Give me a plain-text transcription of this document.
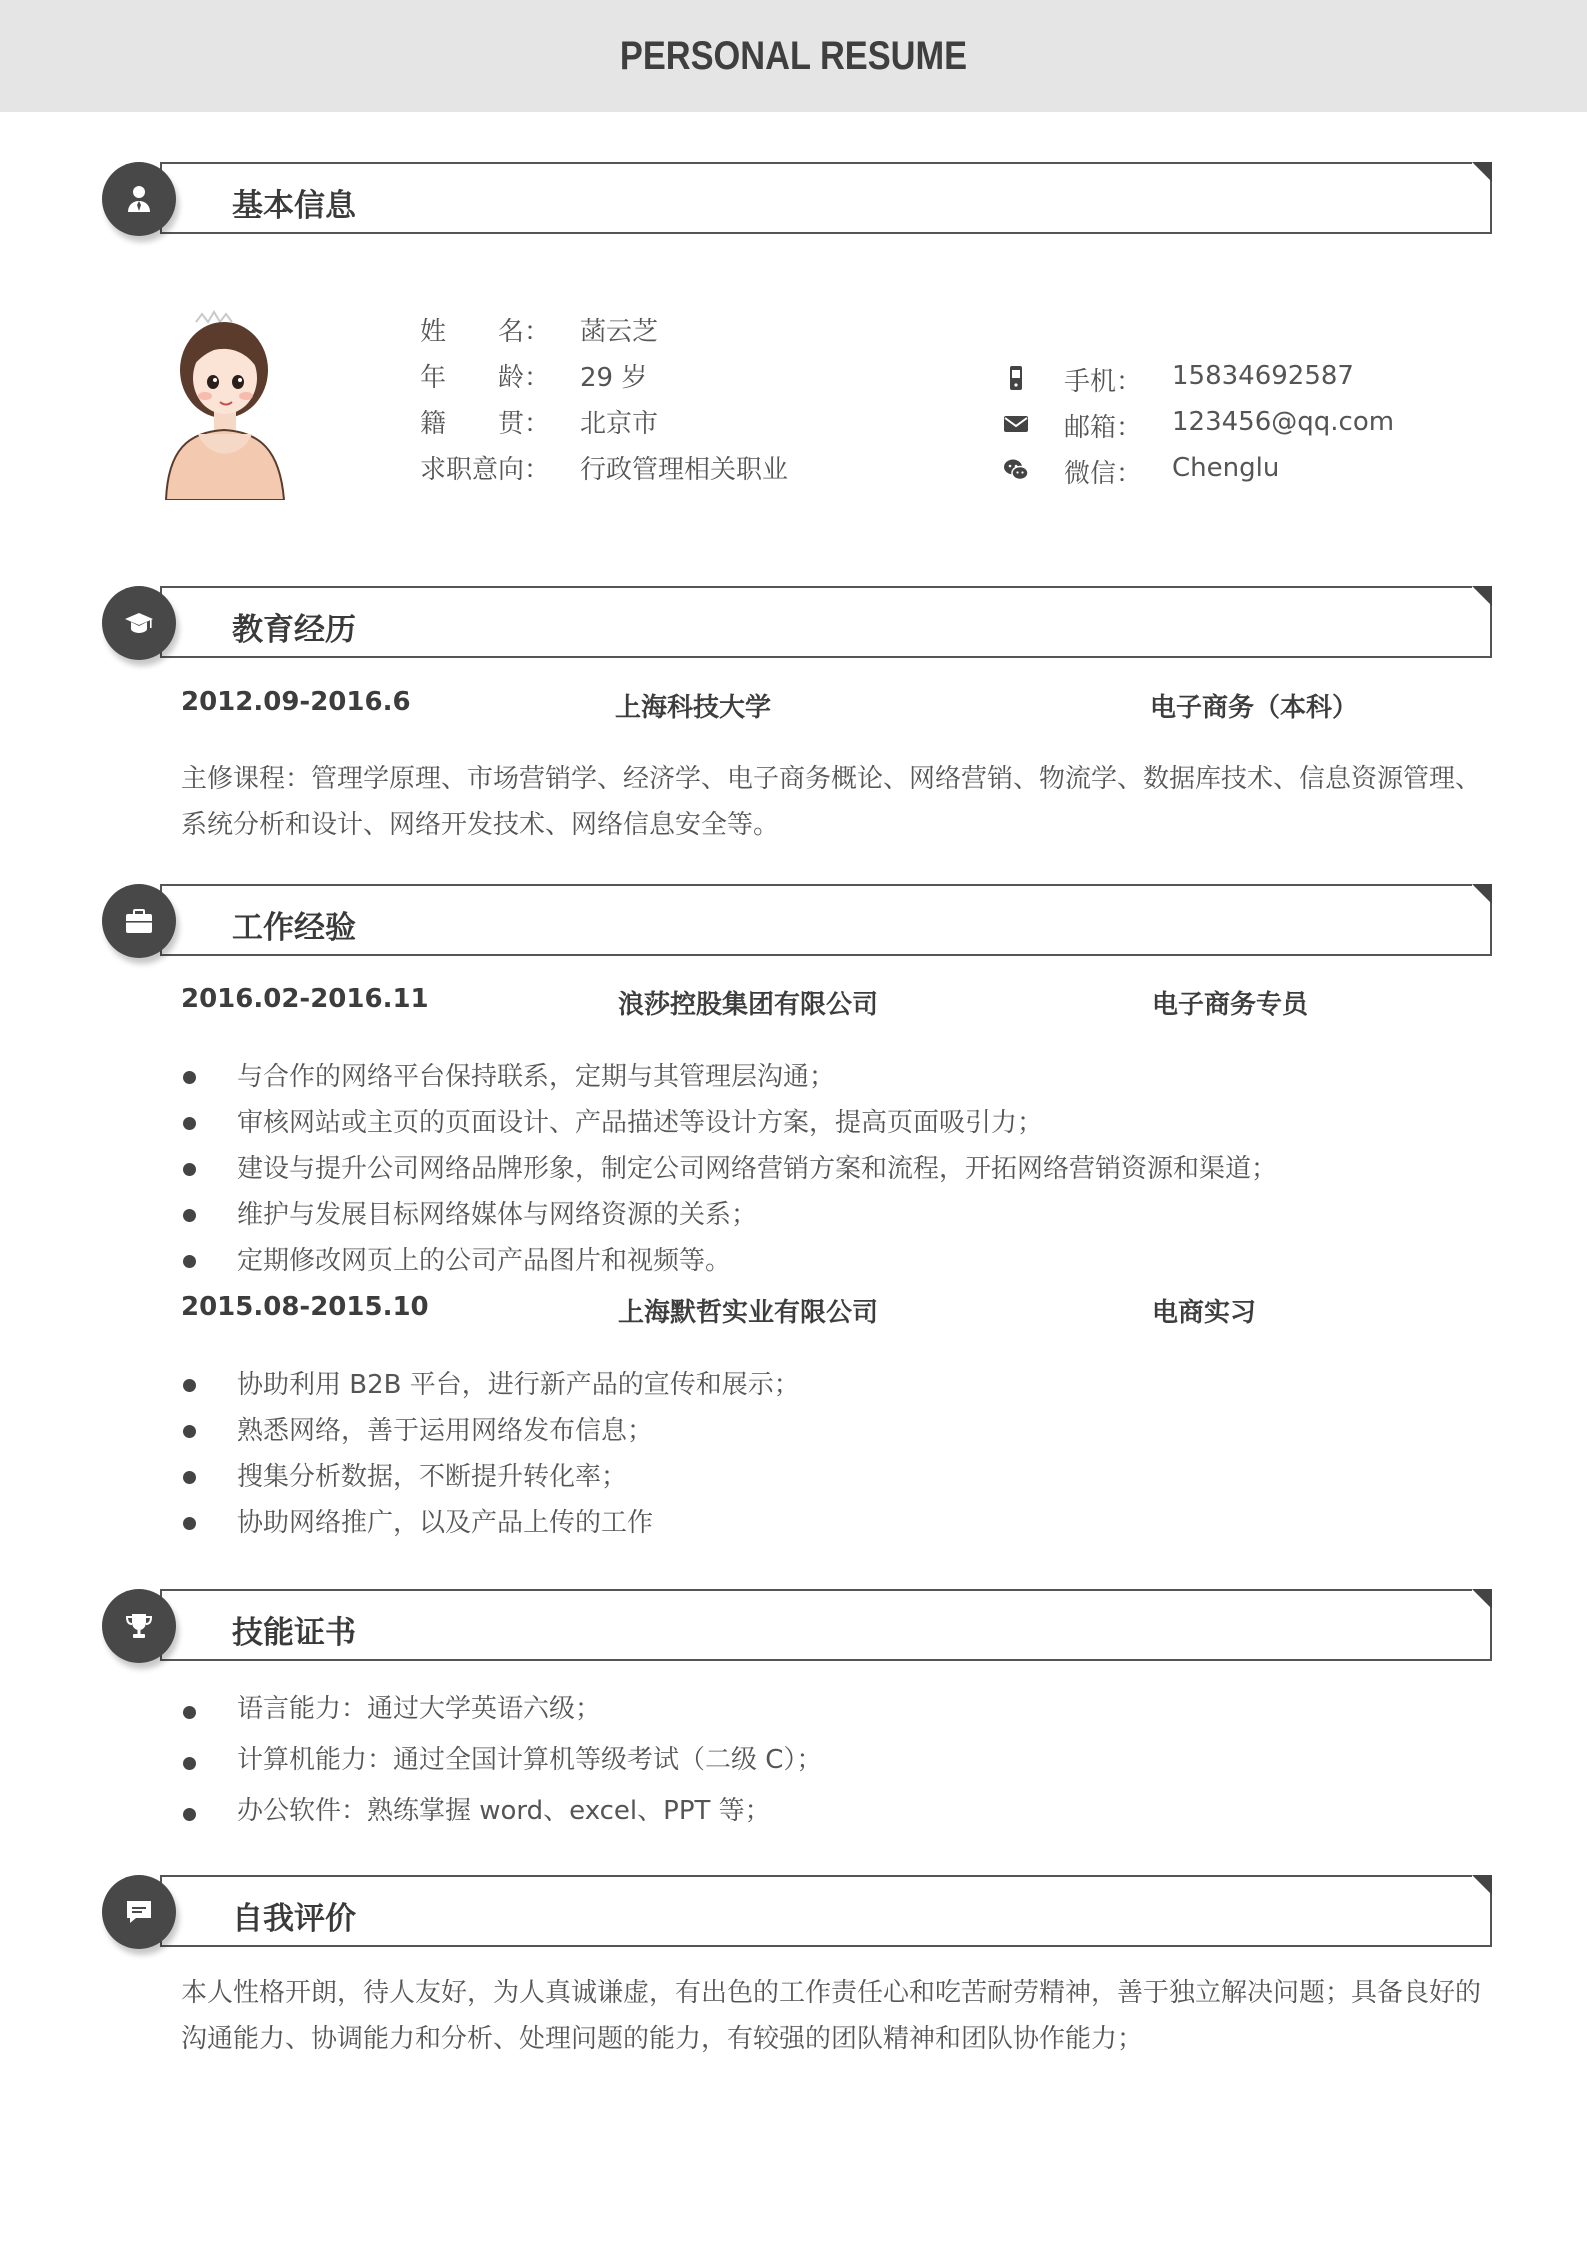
PERSONAL RESUME
基本信息
姓　　名： 菡云芝
年　　龄： 29 岁
籍　　贯： 北京市
求职意向： 行政管理相关职业
手机： 15834692587
邮箱： 123456@qq.com
微信： Chenglu
教育经历
2012.09-2016.6	上海科技大学	电子商务（本科）
主修课程：管理学原理、市场营销学、经济学、电子商务概论、网络营销、物流学、数据库技术、信息资源管理、系统分析和设计、网络开发技术、网络信息安全等。
工作经验
2016.02-2016.11	浪莎控股集团有限公司	电子商务专员
与合作的网络平台保持联系，定期与其管理层沟通；
审核网站或主页的页面设计、产品描述等设计方案，提高页面吸引力；
建设与提升公司网络品牌形象，制定公司网络营销方案和流程，开拓网络营销资源和渠道；
维护与发展目标网络媒体与网络资源的关系；
定期修改网页上的公司产品图片和视频等。
2015.08-2015.10	上海默哲实业有限公司	电商实习
协助利用 B2B 平台，进行新产品的宣传和展示；
熟悉网络，善于运用网络发布信息；
搜集分析数据，不断提升转化率；
协助网络推广，以及产品上传的工作
技能证书
语言能力：通过大学英语六级；
计算机能力：通过全国计算机等级考试（二级 C）；
办公软件：熟练掌握 word、excel、PPT 等；
自我评价
本人性格开朗，待人友好，为人真诚谦虚，有出色的工作责任心和吃苦耐劳精神，善于独立解决问题；具备良好的沟通能力、协调能力和分析、处理问题的能力，有较强的团队精神和团队协作能力；
